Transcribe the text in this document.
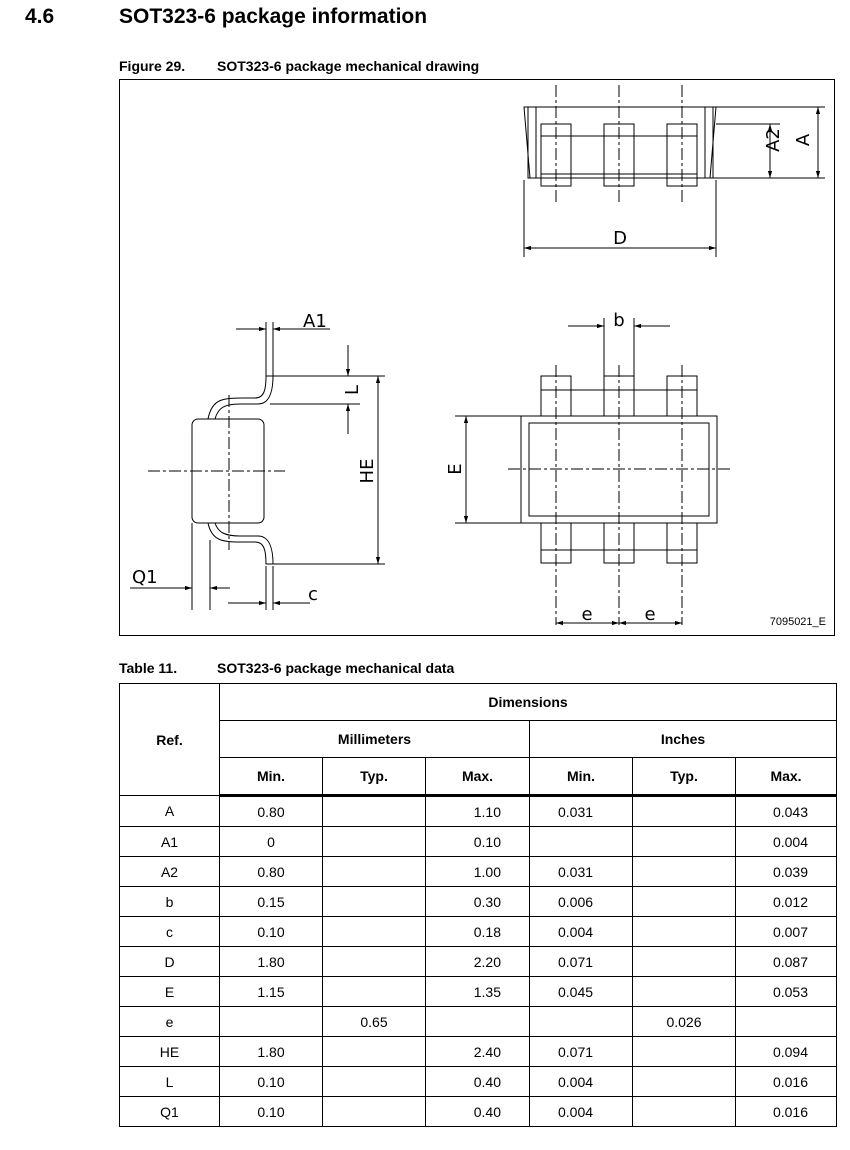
4.6	SOT323-6 package information
Figure 29. SOT323-6 package mechanical drawing
A2 A
D
A1	b
L
HE	E
Q1
c
e	e	7095021_E
Table 11.	SOT323-6 package mechanical data
Ref.	Dimensions					
	Millimeters			Inches		
	Min.	Typ.	Max.	Min.	Typ.	Max.
A	0.80		1.10	0.031		0.043
A1	0		0.10			0.004
A2	0.80		1.00	0.031		0.039
b	0.15		0.30	0.006		0.012
c	0.10		0.18	0.004		0.007
D	1.80		2.20	0.071		0.087
E	1.15		1.35	0.045		0.053
e		0.65			0.026	
HE	1.80		2.40	0.071		0.094
L	0.10		0.40	0.004		0.016
Q1	0.10		0.40	0.004		0.016
